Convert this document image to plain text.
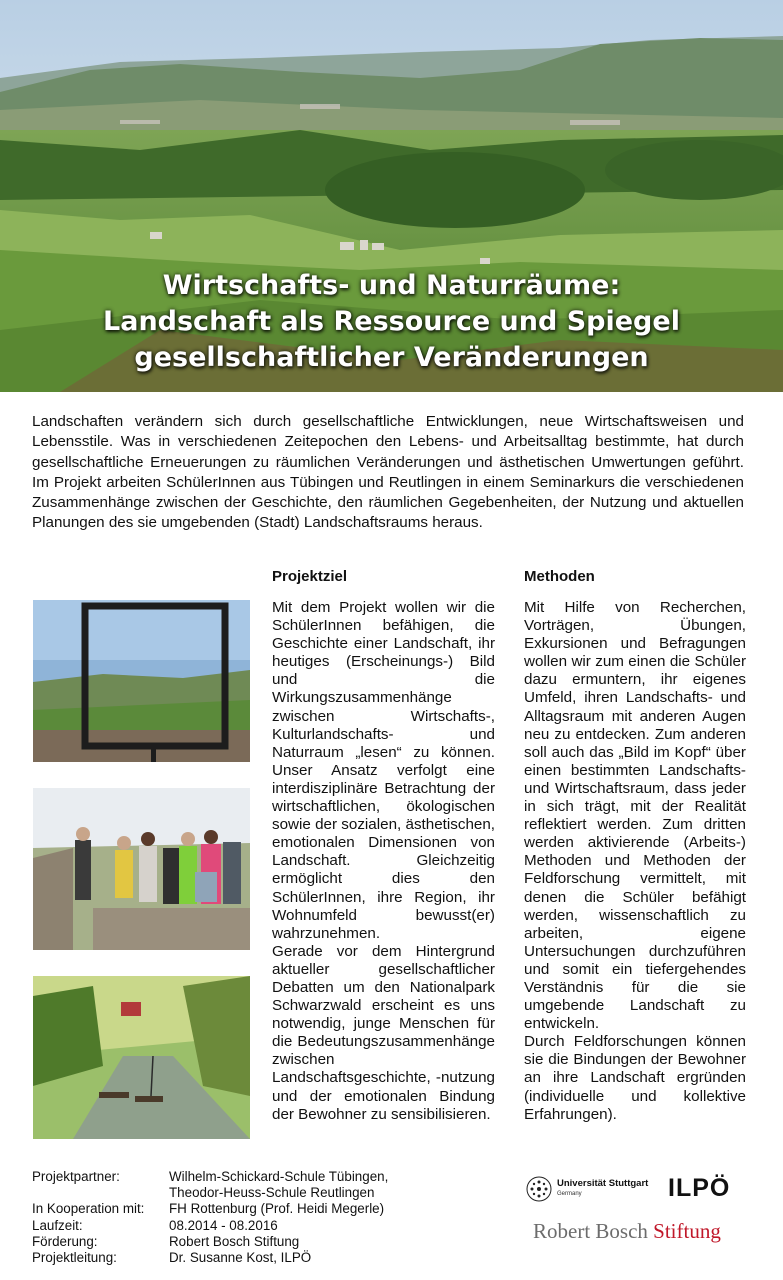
Wirtschafts- und Naturräume:
Landschaft als Ressource und Spiegel
gesellschaftlicher Veränderungen
Landschaften verändern sich durch gesellschaftliche Entwicklungen, neue Wirtschaftsweisen und Lebensstile. Was in verschiedenen Zeitepochen den Lebens- und Arbeitsalltag bestimmte, hat durch gesellschaftliche Erneuerungen zu räumlichen Veränderungen und ästhetischen Umwertungen geführt. Im Projekt arbeiten SchülerInnen aus Tübingen und Reutlingen in einem Seminarkurs die verschiedenen Zusammenhänge zwischen der Geschichte, den räumlichen Gegebenheiten, der Nutzung und aktuellen Planungen des sie umgebenden (Stadt) Landschaftsraums heraus.
Projektziel

Mit dem Projekt wollen wir die SchülerInnen befähigen, die Geschichte einer Landschaft, ihr heutiges (Erscheinungs-) Bild und die Wirkungszusammenhänge zwischen Wirtschafts-, Kulturlandschafts- und Naturraum „lesen“ zu können. Unser Ansatz verfolgt eine interdisziplinäre Betrachtung der wirtschaftlichen, ökologischen sowie der sozialen, ästhetischen, emotionalen Dimensionen von Landschaft. Gleichzeitig ermöglicht dies den SchülerInnen, ihre Region, ihr Wohnumfeld bewusst(er) wahrzunehmen.

Gerade vor dem Hintergrund aktueller gesellschaftlicher Debatten um den Nationalpark Schwarzwald erscheint es uns notwendig, junge Menschen für die Bedeutungszusammenhänge zwischen Landschaftsgeschichte, -nutzung und der emotionalen Bindung der Bewohner zu sensibilisieren.

Methoden

Mit Hilfe von Recherchen, Vorträgen, Übungen, Exkursionen und Befragungen wollen wir zum einen die Schüler dazu ermuntern, ihr eigenes Umfeld, ihren Landschafts- und Alltagsraum mit anderen Augen neu zu entdecken. Zum anderen soll auch das „Bild im Kopf“ über einen bestimmten Landschafts- und Wirtschaftsraum, dass jeder in sich trägt, mit der Realität reflektiert werden. Zum dritten werden aktivierende (Arbeits-) Methoden und Methoden der Feldforschung vermittelt, mit denen die Schüler befähigt werden, wissenschaftlich zu arbeiten, eigene Untersuchungen durchzuführen und somit ein tiefergehendes Verständnis für die sie umgebende Landschaft zu entwickeln.

Durch Feldforschungen können sie die Bindungen der Bewohner an ihre Landschaft ergründen (individuelle und kollektive Erfahrungen).

Projektpartner:	Wilhelm-Schickard-Schule Tübingen,
Theodor-Heuss-Schule Reutlingen
In Kooperation mit:	FH Rottenburg (Prof. Heidi Megerle)
Laufzeit:	08.2014 - 08.2016
Förderung:	Robert Bosch Stiftung
Projektleitung:	Dr. Susanne Kost, ILPÖ
Universität Stuttgart
Germany	ILPÖ
Robert Bosch Stiftung
